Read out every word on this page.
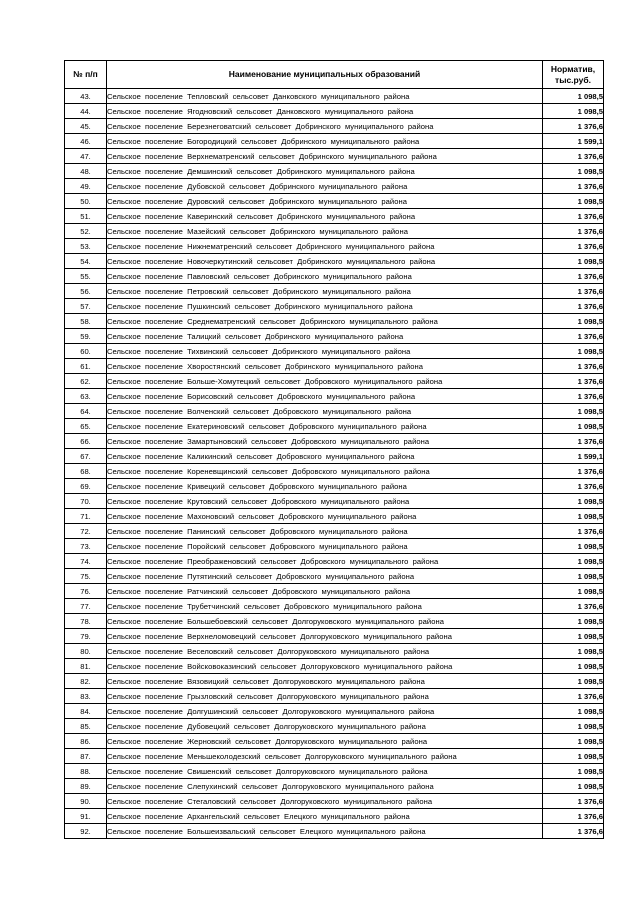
№ п/п	Наименование муниципальных образований	Норматив,
тыс.руб.
43.	Сельское поселение Тепловский сельсовет Данковского муниципального района	1 098,5
44.	Сельское поселение Ягодновский сельсовет Данковского муниципального района	1 098,5
45.	Сельское поселение Березнеговатский сельсовет Добринского муниципального района	1 376,6
46.	Сельское поселение Богородицкий сельсовет Добринского муниципального района	1 599,1
47.	Сельское поселение Верхнематренский сельсовет Добринского муниципального района	1 376,6
48.	Сельское поселение Демшинский сельсовет Добринского муниципального района	1 098,5
49.	Сельское поселение Дубовской сельсовет Добринского муниципального района	1 376,6
50.	Сельское поселение Дуровский сельсовет Добринского муниципального района	1 098,5
51.	Сельское поселение Каверинский сельсовет Добринского муниципального района	1 376,6
52.	Сельское поселение Мазейский сельсовет Добринского муниципального района	1 376,6
53.	Сельское поселение Нижнематренский сельсовет Добринского муниципального района	1 376,6
54.	Сельское поселение Новочеркутинский сельсовет Добринского муниципального района	1 098,5
55.	Сельское поселение Павловский сельсовет Добринского муниципального района	1 376,6
56.	Сельское поселение Петровский сельсовет Добринского муниципального района	1 376,6
57.	Сельское поселение Пушкинский сельсовет Добринского муниципального района	1 376,6
58.	Сельское поселение Среднематренский сельсовет Добринского муниципального района	1 098,5
59.	Сельское поселение Талицкий сельсовет Добринского муниципального района	1 376,6
60.	Сельское поселение Тихвинский сельсовет Добринского муниципального района	1 098,5
61.	Сельское поселение Хворостянский сельсовет Добринского муниципального района	1 376,6
62.	Сельское поселение Больше-Хомутецкий сельсовет Добровского муниципального района	1 376,6
63.	Сельское поселение Борисовский сельсовет Добровского муниципального района	1 376,6
64.	Сельское поселение Волченский сельсовет Добровского муниципального района	1 098,5
65.	Сельское поселение Екатериновский сельсовет Добровского муниципального района	1 098,5
66.	Сельское поселение Замартыновский сельсовет Добровского муниципального района	1 376,6
67.	Сельское поселение Каликинский сельсовет Добровского муниципального района	1 599,1
68.	Сельское поселение Кореневщинский сельсовет Добровского муниципального района	1 376,6
69.	Сельское поселение Кривецкий сельсовет Добровского муниципального района	1 376,6
70.	Сельское поселение Крутовский сельсовет Добровского муниципального района	1 098,5
71.	Сельское поселение Махоновский сельсовет Добровского муниципального района	1 098,5
72.	Сельское поселение Панинский сельсовет Добровского муниципального района	1 376,6
73.	Сельское поселение Поройский сельсовет Добровского муниципального района	1 098,5
74.	Сельское поселение Преображеновский сельсовет Добровского муниципального района	1 098,5
75.	Сельское поселение Путятинский сельсовет Добровского муниципального района	1 098,5
76.	Сельское поселение Ратчинский сельсовет Добровского муниципального района	1 098,5
77.	Сельское поселение Трубетчинский сельсовет Добровского муниципального района	1 376,6
78.	Сельское поселение Большебоевский сельсовет Долгоруковского муниципального района	1 098,5
79.	Сельское поселение Верхнеломовецкий сельсовет Долгоруковского муниципального района	1 098,5
80.	Сельское поселение Веселовский сельсовет Долгоруковского муниципального района	1 098,5
81.	Сельское поселение Войсковоказинский сельсовет Долгоруковского муниципального района	1 098,5
82.	Сельское поселение Вязовицкий сельсовет Долгоруковского муниципального района	1 098,5
83.	Сельское поселение Грызловский сельсовет Долгоруковского муниципального района	1 376,6
84.	Сельское поселение Долгушинский сельсовет Долгоруковского муниципального района	1 098,5
85.	Сельское поселение Дубовецкий сельсовет Долгоруковского муниципального района	1 098,5
86.	Сельское поселение Жерновский сельсовет Долгоруковского муниципального района	1 098,5
87.	Сельское поселение Меньшеколодезский сельсовет Долгоруковского муниципального района	1 098,5
88.	Сельское поселение Свишенский сельсовет Долгоруковского муниципального района	1 098,5
89.	Сельское поселение Слепухинский сельсовет Долгоруковского муниципального района	1 098,5
90.	Сельское поселение Стегаловский сельсовет Долгоруковского муниципального района	1 376,6
91.	Сельское поселение Архангельский сельсовет Елецкого муниципального района	1 376,6
92.	Сельское поселение Большеизвальский сельсовет Елецкого муниципального района	1 376,6
